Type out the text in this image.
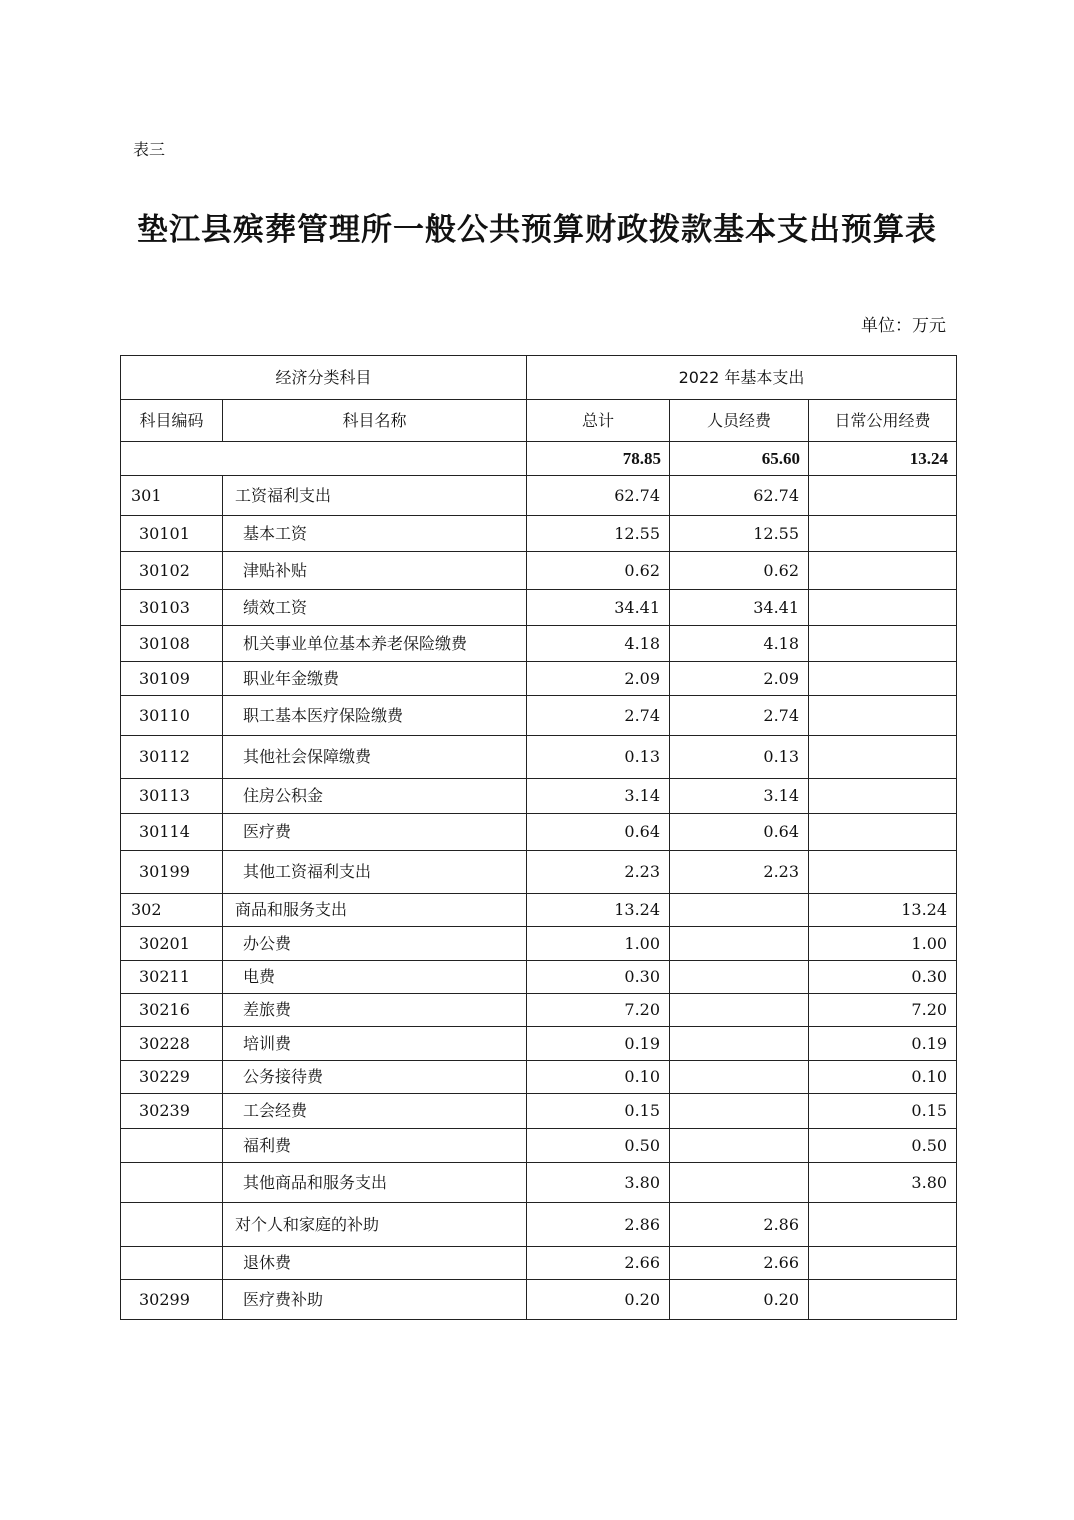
表三
垫江县殡葬管理所一般公共预算财政拨款基本支出预算表
单位：万元
经济分类科目		2022 年基本支出		
科目编码	科目名称	总计	人员经费	日常公用经费
		78.85	65.60	13.24
301	工资福利支出	62.74	62.74	
30101	基本工资	12.55	12.55	
30102	津贴补贴	0.62	0.62	
30103	绩效工资	34.41	34.41	
30108	机关事业单位基本养老保险缴费	4.18	4.18	
30109	职业年金缴费	2.09	2.09	
30110	职工基本医疗保险缴费	2.74	2.74	
30112	其他社会保障缴费	0.13	0.13	
30113	住房公积金	3.14	3.14	
30114	医疗费	0.64	0.64	
30199	其他工资福利支出	2.23	2.23	
302	商品和服务支出	13.24		13.24
30201	办公费	1.00		1.00
30211	电费	0.30		0.30
30216	差旅费	7.20		7.20
30228	培训费	0.19		0.19
30229	公务接待费	0.10		0.10
30239	工会经费	0.15		0.15
	福利费	0.50		0.50
	其他商品和服务支出	3.80		3.80
	对个人和家庭的补助	2.86	2.86	
	退休费	2.66	2.66	
30299	医疗费补助	0.20	0.20	
